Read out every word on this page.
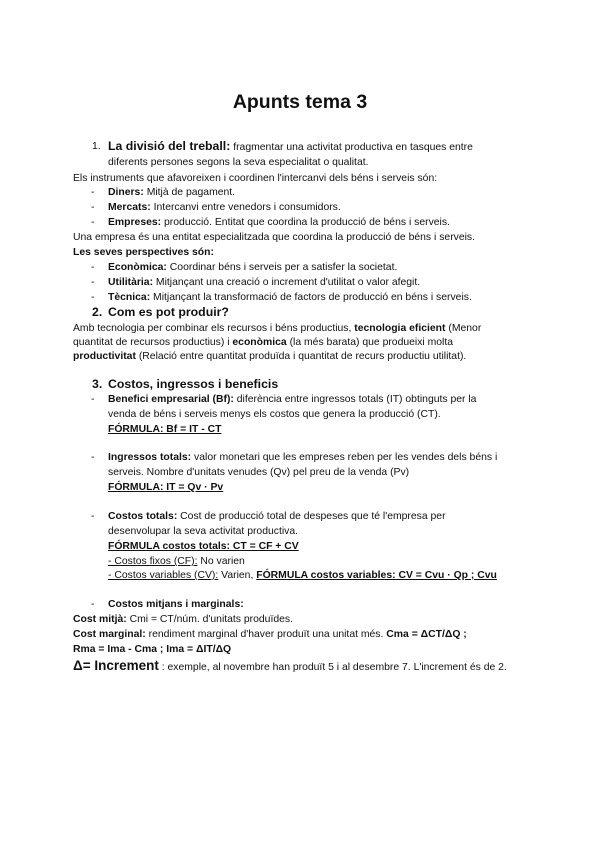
Apunts tema 3
1. La divisió del treball: fragmentar una activitat productiva en tasques entre
diferents persones segons la seva especialitat o qualitat.
Els instruments que afavoreixen i coordinen l'intercanvi dels béns i serveis són:
- Diners: Mitjà de pagament.
- Mercats: Intercanvi entre venedors i consumidors.
- Empreses: producció. Entitat que coordina la producció de béns i serveis.
Una empresa és una entitat especialitzada que coordina la producció de béns i serveis.
Les seves perspectives són:
- Econòmica: Coordinar béns i serveis per a satisfer la societat.
- Utilitària: Mitjançant una creació o increment d'utilitat o valor afegit.
- Tècnica: Mitjançant la transformació de factors de producció en béns i serveis.
2. Com es pot produir?
Amb tecnologia per combinar els recursos i béns productius, tecnologia eficient (Menor
quantitat de recursos productius) i econòmica (la més barata) que produeixi molta
productivitat (Relació entre quantitat produïda i quantitat de recurs productiu utilitat).
3. Costos, ingressos i beneficis
- Benefici empresarial (Bf): diferència entre ingressos totals (IT) obtinguts per la
venda de béns i serveis menys els costos que genera la producció (CT).
FÓRMULA: Bf = IT - CT
- Ingressos totals: valor monetari que les empreses reben per les vendes dels béns i
serveis. Nombre d'unitats venudes (Qv) pel preu de la venda (Pv)
FÓRMULA: IT = Qv · Pv
- Costos totals: Cost de producció total de despeses que té l'empresa per
desenvolupar la seva activitat productiva.
FÓRMULA costos totals: CT = CF + CV
- Costos fixos (CF): No varien
- Costos variables (CV): Varien, FÓRMULA costos variables: CV = Cvu · Qp ; Cvu
- Costos mitjans i marginals:
Cost mitjà: Cmi = CT/núm. d'unitats produïdes.
Cost marginal: rendiment marginal d'haver produït una unitat més. Cma = ΔCT/ΔQ ;
Rma = Ima - Cma ; Ima = ΔIT/ΔQ
Δ= Increment : exemple, al novembre han produït 5 i al desembre 7. L'increment és de 2.
